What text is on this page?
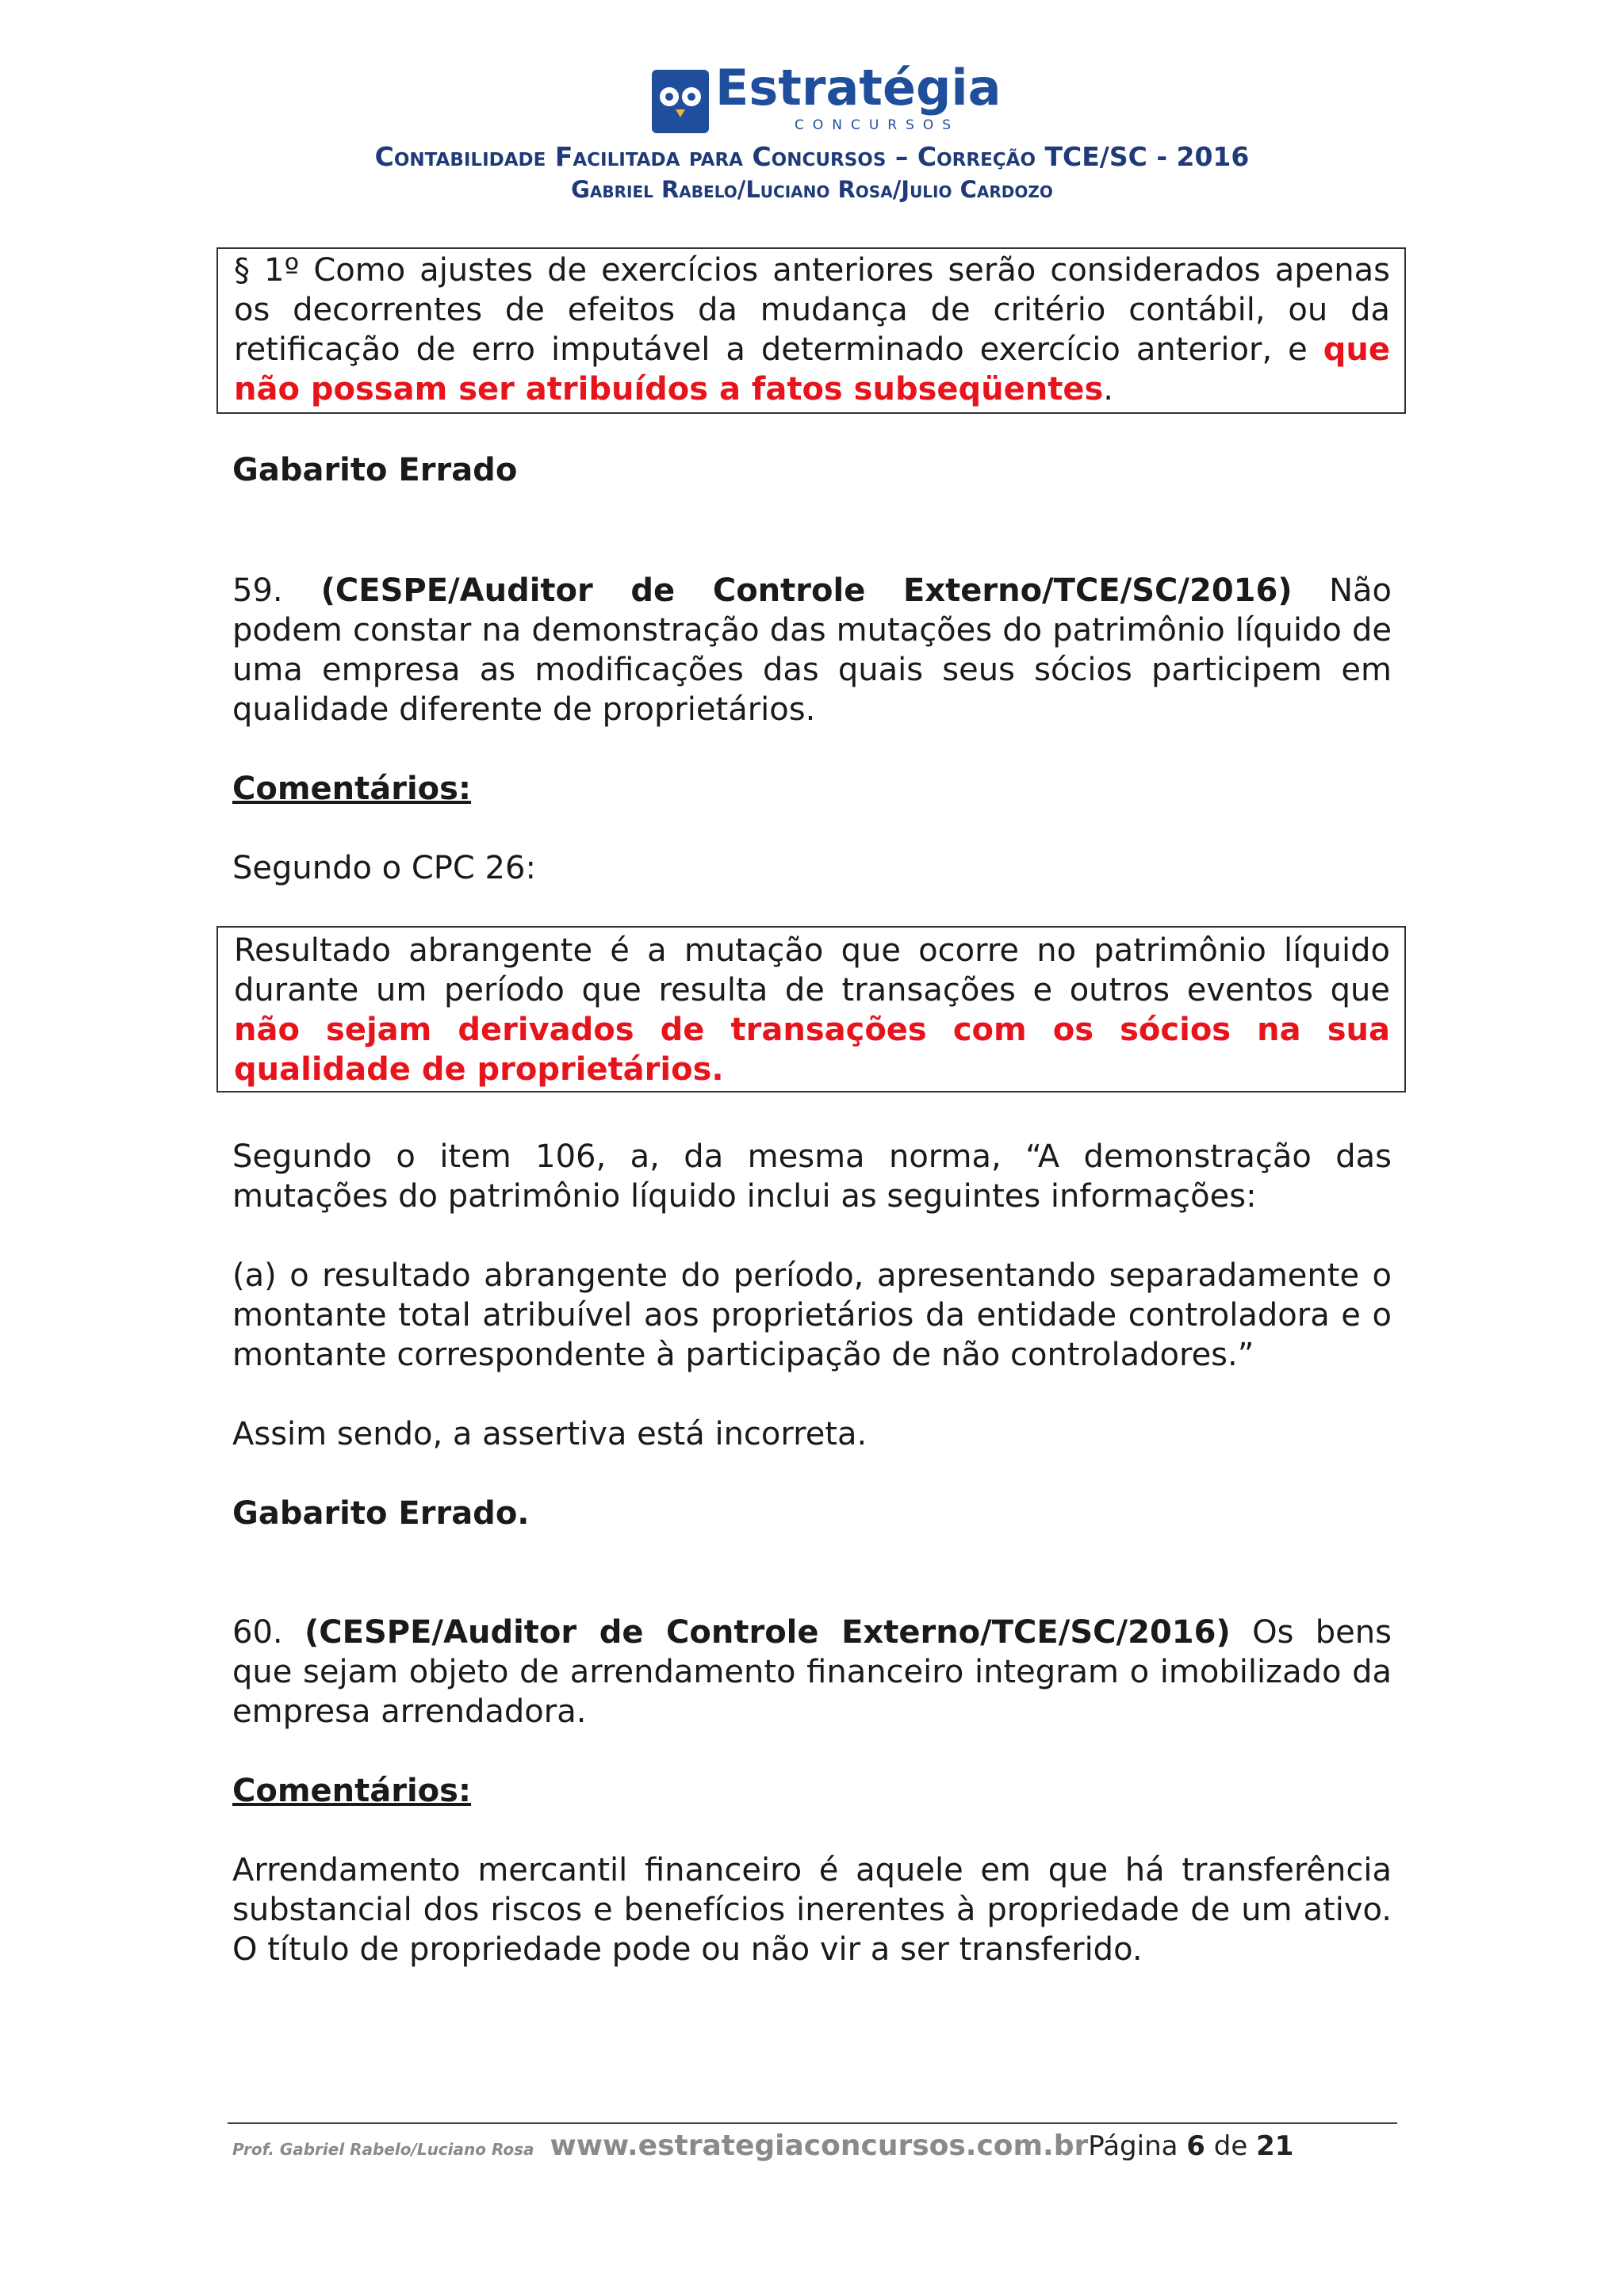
Estratégia
CONCURSOS
Contabilidade Facilitada para Concursos – Correção TCE/SC - 2016
Gabriel Rabelo/Luciano Rosa/Julio Cardozo
§ 1º Como ajustes de exercícios anteriores serão considerados apenas os decorrentes de efeitos da mudança de critério contábil, ou da retificação de erro imputável a determinado exercício anterior, e que não possam ser atribuídos a fatos subseqüentes.
Gabarito Errado
59. (CESPE/Auditor de Controle Externo/TCE/SC/2016) Não podem constar na demonstração das mutações do patrimônio líquido de uma empresa as modificações das quais seus sócios participem em qualidade diferente de proprietários.
Comentários:
Segundo o CPC 26:
Resultado abrangente é a mutação que ocorre no patrimônio líquido durante um período que resulta de transações e outros eventos que não sejam derivados de transações com os sócios na sua qualidade de proprietários.
Segundo o item 106, a, da mesma norma, “A demonstração das mutações do patrimônio líquido inclui as seguintes informações:
(a) o resultado abrangente do período, apresentando separadamente o montante total atribuível aos proprietários da entidade controladora e o montante correspondente à participação de não controladores.”
Assim sendo, a assertiva está incorreta.
Gabarito Errado.
60. (CESPE/Auditor de Controle Externo/TCE/SC/2016) Os bens que sejam objeto de arrendamento financeiro integram o imobilizado da empresa arrendadora.
Comentários:
Arrendamento mercantil financeiro é aquele em que há transferência substancial dos riscos e benefícios inerentes à propriedade de um ativo. O título de propriedade pode ou não vir a ser transferido.
Prof. Gabriel Rabelo/Luciano Rosa www.estrategiaconcursos.com.brPágina 6 de 21
